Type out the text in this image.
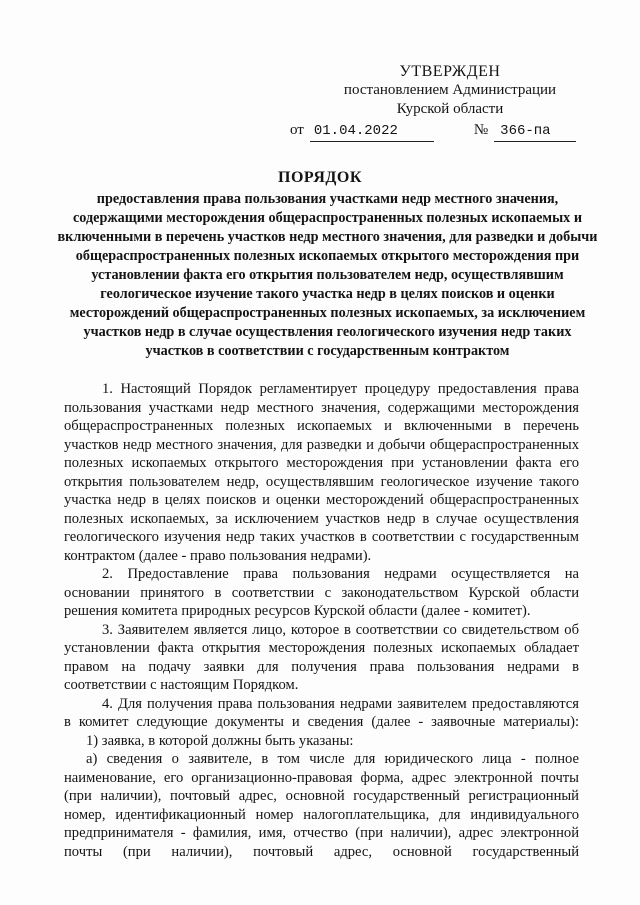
УТВЕРЖДЕН
постановлением Администрации
Курской области
от 01.04.2022	№ 366-па
ПОРЯДОК
предоставления права пользования участками недр местного значения, содержащими месторождения общераспространенных полезных ископаемых и включенными в перечень участков недр местного значения, для разведки и добычи общераспространенных полезных ископаемых открытого месторождения при установлении факта его открытия пользователем недр, осуществлявшим геологическое изучение такого участка недр в целях поисков и оценки месторождений общераспространенных полезных ископаемых, за исключением участков недр в случае осуществления геологического изучения недр таких участков в соответствии с государственным контрактом

1. Настоящий Порядок регламентирует процедуру предоставления права пользования участками недр местного значения, содержащими месторождения общераспространенных полезных ископаемых и включенными в перечень участков недр местного значения, для разведки и добычи общераспространенных полезных ископаемых открытого месторождения при установлении факта его открытия пользователем недр, осуществлявшим геологическое изучение такого участка недр в целях поисков и оценки месторождений общераспространенных полезных ископаемых, за исключением участков недр в случае осуществления геологического изучения недр таких участков в соответствии с государственным контрактом (далее - право пользования недрами).

2. Предоставление права пользования недрами осуществляется на основании принятого в соответствии с законодательством Курской области решения комитета природных ресурсов Курской области (далее - комитет).

3. Заявителем является лицо, которое в соответствии со свидетельством об установлении факта открытия месторождения полезных ископаемых обладает правом на подачу заявки для получения права пользования недрами в соответствии с настоящим Порядком.

4. Для получения права пользования недрами заявителем предоставляются в комитет следующие документы и сведения (далее - заявочные материалы):

1) заявка, в которой должны быть указаны:

а) сведения о заявителе, в том числе для юридического лица - полное наименование, его организационно-правовая форма, адрес электронной почты (при наличии), почтовый адрес, основной государственный регистрационный номер, идентификационный номер налогоплательщика, для индивидуального предпринимателя - фамилия, имя, отчество (при наличии), адрес электронной почты (при наличии), почтовый адрес, основной государственный
